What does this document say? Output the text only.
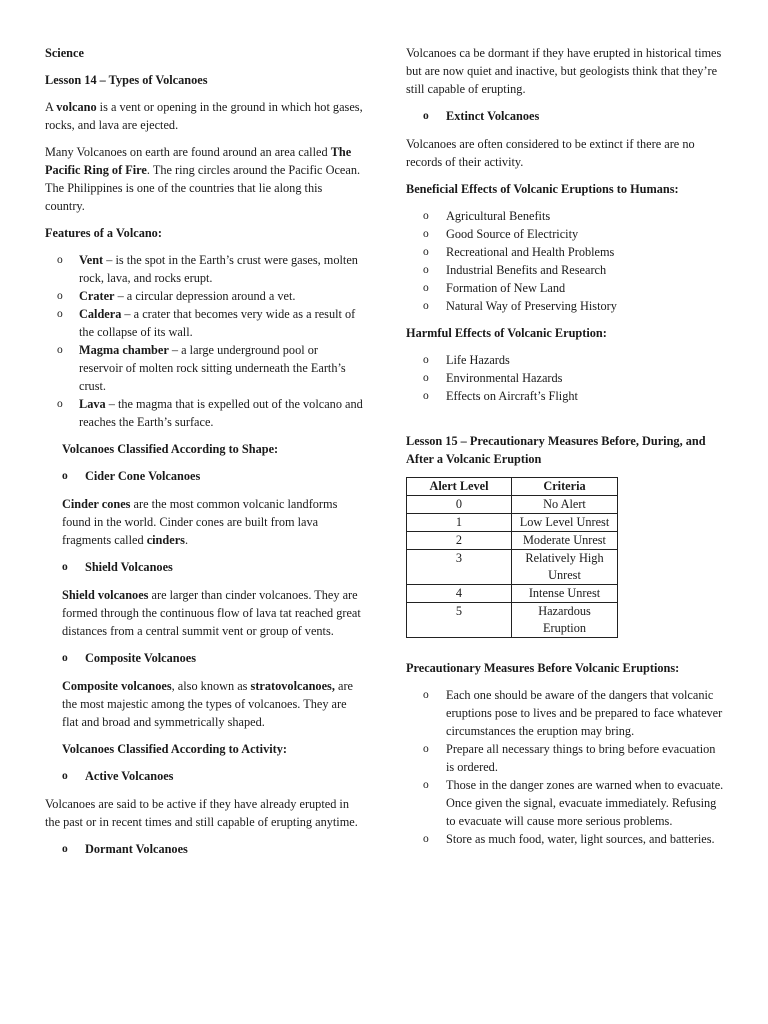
Science

Lesson 14 – Types of Volcanoes

A volcano is a vent or opening in the ground in which hot gases, rocks, and lava are ejected.

Many Volcanoes on earth are found around an area called The Pacific Ring of Fire. The ring circles around the Pacific Ocean. The Philippines is one of the countries that lie along this country.

Features of a Volcano:

o Vent – is the spot in the Earth’s crust were gases, molten rock, lava, and rocks erupt.
o Crater – a circular depression around a vet.
o Caldera – a crater that becomes very wide as a result of the collapse of its wall.
o Magma chamber – a large underground pool or reservoir of molten rock sitting underneath the Earth’s crust.
o Lava – the magma that is expelled out of the volcano and reaches the Earth’s surface.

Volcanoes Classified According to Shape:

o Cider Cone Volcanoes

Cinder cones are the most common volcanic landforms found in the world. Cinder cones are built from lava fragments called cinders.

o Shield Volcanoes

Shield volcanoes are larger than cinder volcanoes. They are formed through the continuous flow of lava tat reached great distances from a central summit vent or group of vents.

o Composite Volcanoes

Composite volcanoes, also known as stratovolcanoes, are the most majestic among the types of volcanoes. They are flat and broad and symmetrically shaped.

Volcanoes Classified According to Activity:

o Active Volcanoes

Volcanoes are said to be active if they have already erupted in the past or in recent times and still capable of erupting anytime.

o Dormant Volcanoes

Volcanoes ca be dormant if they have erupted in historical times but are now quiet and inactive, but geologists think that they’re still capable of erupting.

o Extinct Volcanoes

Volcanoes are often considered to be extinct if there are no records of their activity.

Beneficial Effects of Volcanic Eruptions to Humans:

o Agricultural Benefits
o Good Source of Electricity
o Recreational and Health Problems
o Industrial Benefits and Research
o Formation of New Land
o Natural Way of Preserving History

Harmful Effects of Volcanic Eruption:

o Life Hazards
o Environmental Hazards
o Effects on Aircraft’s Flight

Lesson 15 – Precautionary Measures Before, During, and After a Volcanic Eruption

Alert Level	Criteria
0	No Alert
1	Low Level Unrest
2	Moderate Unrest
3	Relatively High Unrest
4	Intense Unrest
5	Hazardous Eruption

Precautionary Measures Before Volcanic Eruptions:

o Each one should be aware of the dangers that volcanic eruptions pose to lives and be prepared to face whatever circumstances the eruption may bring.
o Prepare all necessary things to bring before evacuation is ordered.
o Those in the danger zones are warned when to evacuate. Once given the signal, evacuate immediately. Refusing to evacuate will cause more serious problems.
o Store as much food, water, light sources, and batteries.
